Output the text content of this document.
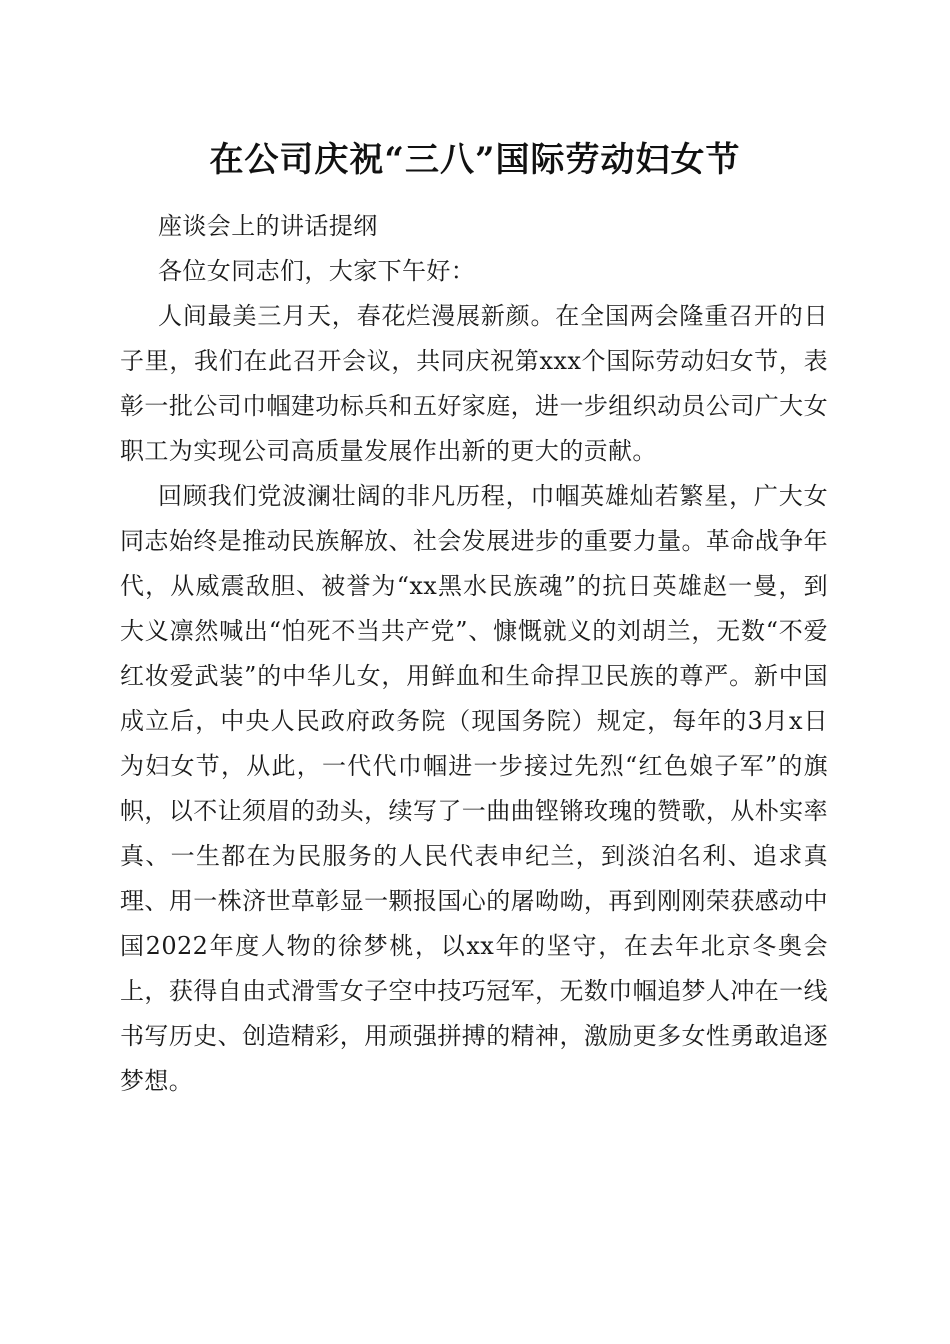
在公司庆祝“三八”国际劳动妇女节

座谈会上的讲话提纲

各位女同志们，大家下午好：

人间最美三月天，春花烂漫展新颜。在全国两会隆重召开的日子里，我们在此召开会议，共同庆祝第xxx个国际劳动妇女节，表彰一批公司巾帼建功标兵和五好家庭，进一步组织动员公司广大女职工为实现公司高质量发展作出新的更大的贡献。

回顾我们党波澜壮阔的非凡历程，巾帼英雄灿若繁星，广大女同志始终是推动民族解放、社会发展进步的重要力量。革命战争年代，从威震敌胆、被誉为“xx黑水民族魂”的抗日英雄赵一曼，到大义凛然喊出“怕死不当共产党”、慷慨就义的刘胡兰，无数“不爱红妆爱武装”的中华儿女，用鲜血和生命捍卫民族的尊严。新中国成立后，中央人民政府政务院（现国务院）规定，每年的3月x日为妇女节，从此，一代代巾帼进一步接过先烈“红色娘子军”的旗帜，以不让须眉的劲头，续写了一曲曲铿锵玫瑰的赞歌，从朴实率真、一生都在为民服务的人民代表申纪兰，到淡泊名利、追求真理、用一株济世草彰显一颗报国心的屠呦呦，再到刚刚荣获感动中国2022年度人物的徐梦桃，以xx年的坚守，在去年北京冬奥会上，获得自由式滑雪女子空中技巧冠军，无数巾帼追梦人冲在一线书写历史、创造精彩，用顽强拼搏的精神，激励更多女性勇敢追逐梦想。
